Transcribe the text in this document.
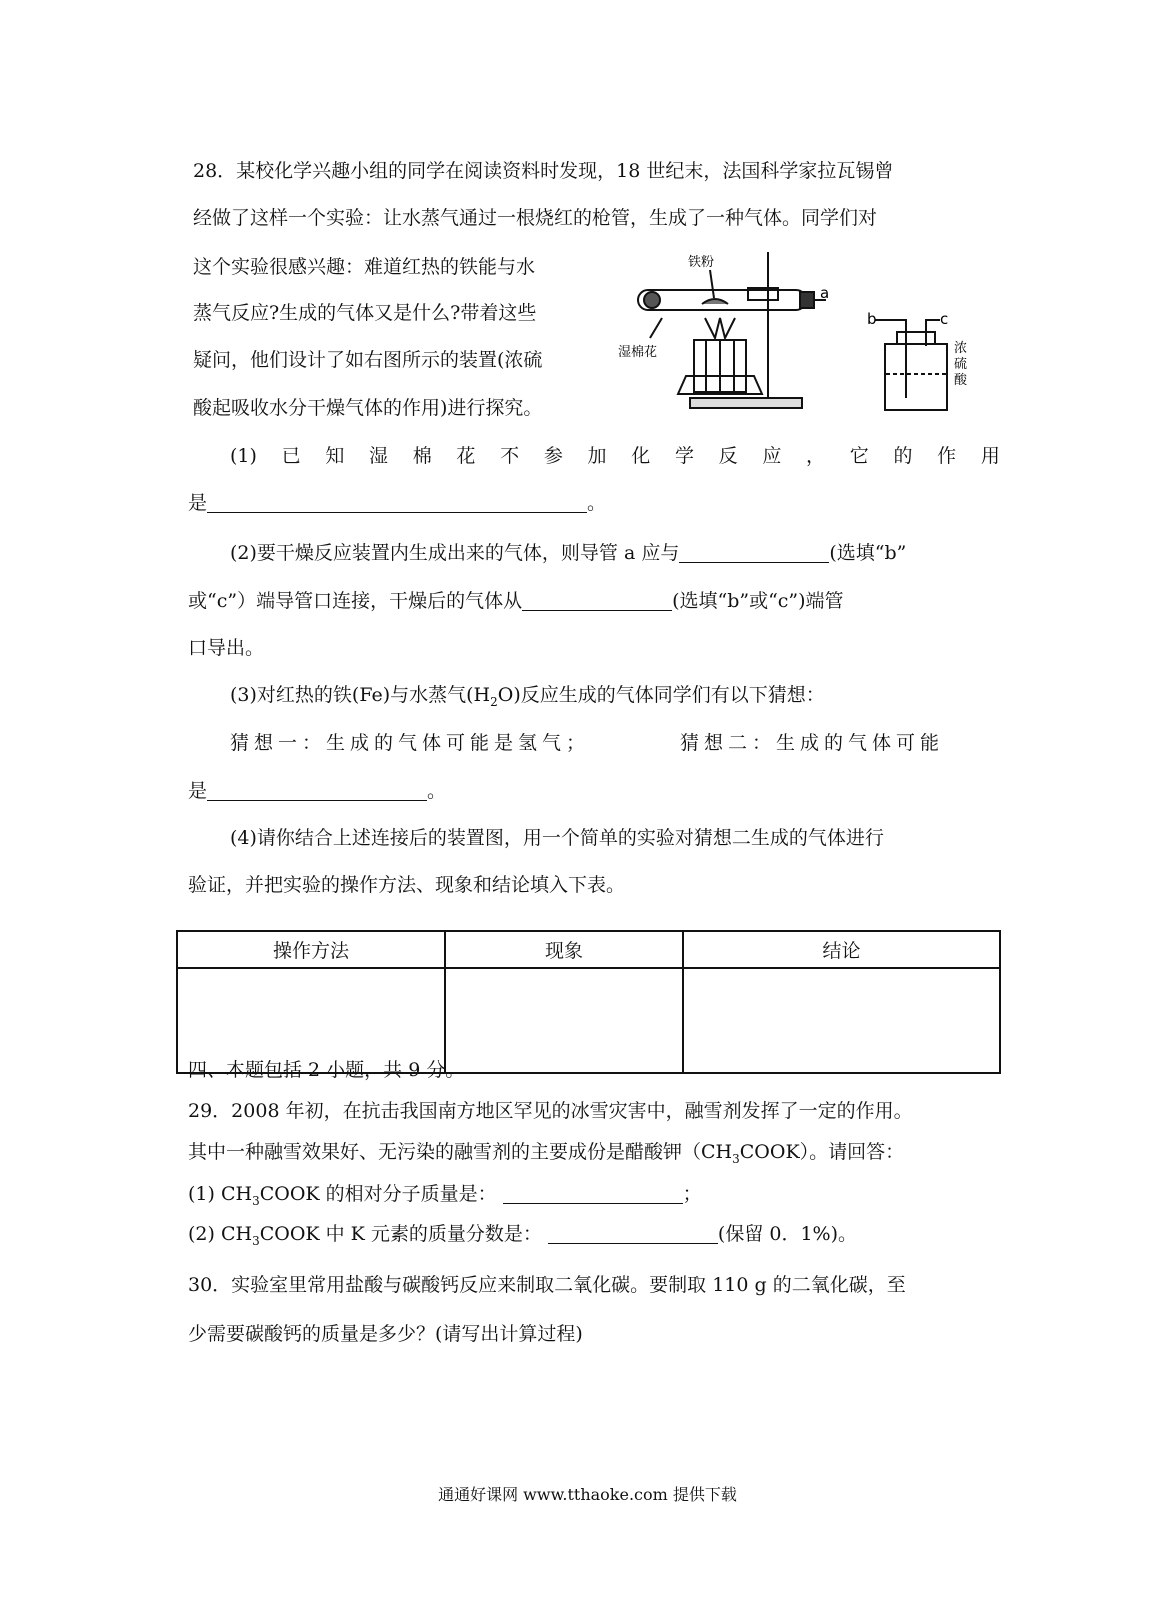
28．某校化学兴趣小组的同学在阅读资料时发现，18 世纪末，法国科学家拉瓦锡曾
经做了这样一个实验：让水蒸气通过一根烧红的枪管，生成了一种气体。同学们对
这个实验很感兴趣：难道红热的铁能与水
蒸气反应?生成的气体又是什么?带着这些
疑问，他们设计了如右图所示的装置(浓硫
酸起吸收水分干燥气体的作用)进行探究。
铁粉
湿棉花
a
b	c
浓
硫
酸
(1) 已 知 湿 棉 花 不 参 加 化 学 反 应 ， 它 的 作 用
是	。
(2)要干燥反应装置内生成出来的气体，则导管 a 应与	(选填“b”
或“c”）端导管口连接，干燥后的气体从	(选填“b”或“c”)端管
口导出。
(3)对红热的铁(Fe)与水蒸气$(H_2O)$反应生成的气体同学们有以下猜想：
猜想一：生成的气体可能是氢气；	猜想二：生成的气体可能
是	。
(4)请你结合上述连接后的装置图，用一个简单的实验对猜想二生成的气体进行
验证，并把实验的操作方法、现象和结论填入下表。
操作方法	现象	结论

四、本题包括 2 小题，共 9 分。
29．2008 年初，在抗击我国南方地区罕见的冰雪灾害中，融雪剂发挥了一定的作用。
其中一种融雪效果好、无污染的融雪剂的主要成份是醋酸钾$(CH_3COOK)$。请回答：
(1) $CH_3COOK$ 的相对分子质量是：	；
(2) $CH_3COOK$ 中 K 元素的质量分数是：	(保留 0．1%)。
30．实验室里常用盐酸与碳酸钙反应来制取二氧化碳。要制取 110 g 的二氧化碳，至
少需要碳酸钙的质量是多少？(请写出计算过程)
通通好课网 www.tthaoke.com 提供下载
